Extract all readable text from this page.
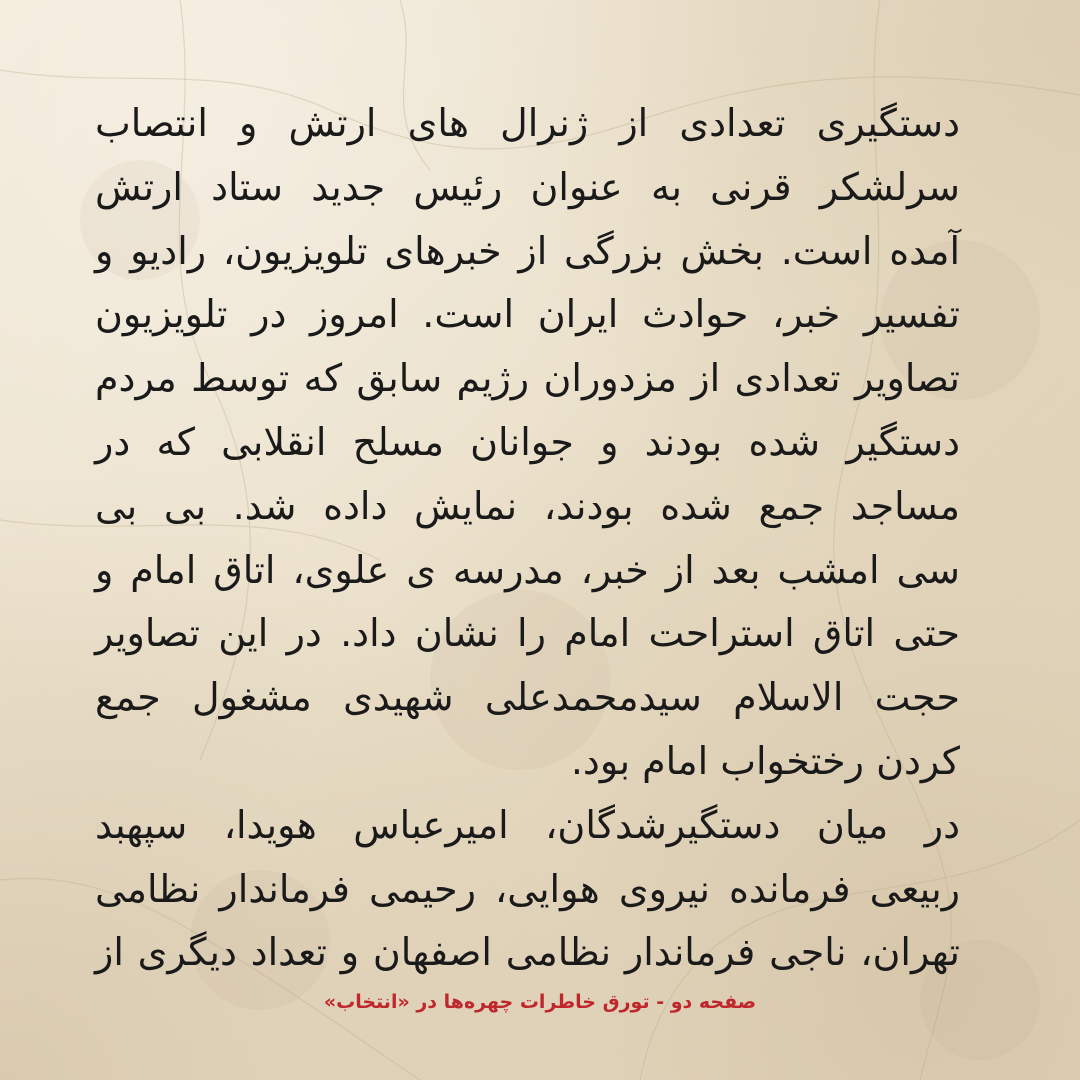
دستگیری تعدادی از ژنرال های ارتش و انتصاب
سرلشکر قرنی به عنوان رئیس جدید ستاد ارتش
آمده است. بخش بزرگی از خبرهای تلویزیون، رادیو و
تفسیر خبر، حوادث ایران است. امروز در تلویزیون
تصاویر تعدادی از مزدوران رژیم سابق که توسط مردم
دستگیر شده بودند و جوانان مسلح انقلابی که در
مساجد جمع شده بودند، نمایش داده شد. بی بی
سی امشب بعد از خبر، مدرسه ی علوی، اتاق امام و
حتی اتاق استراحت امام را نشان داد. در این تصاویر
حجت الاسلام سیدمحمدعلی شهیدی مشغول جمع
کردن رختخواب امام بود.
در میان دستگیرشدگان، امیرعباس هویدا، سپهبد
ربیعی فرمانده نیروی هوایی، رحیمی فرماندار نظامی
تهران، ناجی فرماندار نظامی اصفهان و تعداد دیگری از
صفحه دو - تورق خاطرات چهره‌ها در «انتخاب»
